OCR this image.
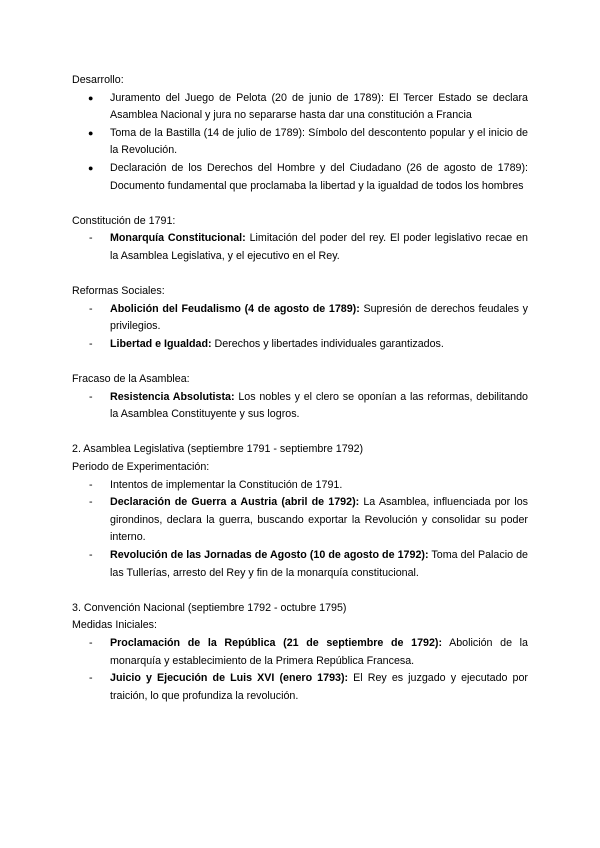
Desarrollo:

●	Juramento del Juego de Pelota (20 de junio de 1789): El Tercer Estado se declara Asamblea Nacional y jura no separarse hasta dar una constitución a Francia
●	Toma de la Bastilla (14 de julio de 1789): Símbolo del descontento popular y el inicio de la Revolución.
●	Declaración de los Derechos del Hombre y del Ciudadano (26 de agosto de 1789): Documento fundamental que proclamaba la libertad y la igualdad de todos los hombres

Constitución de 1791:

-	Monarquía Constitucional: Limitación del poder del rey. El poder legislativo recae en la Asamblea Legislativa, y el ejecutivo en el Rey.

Reformas Sociales:

-	Abolición del Feudalismo (4 de agosto de 1789): Supresión de derechos feudales y privilegios.
-	Libertad e Igualdad: Derechos y libertades individuales garantizados.

Fracaso de la Asamblea:

-	Resistencia Absolutista: Los nobles y el clero se oponían a las reformas, debilitando la Asamblea Constituyente y sus logros.

2. Asamblea Legislativa (septiembre 1791 - septiembre 1792)

Periodo de Experimentación:

-	Intentos de implementar la Constitución de 1791.
-	Declaración de Guerra a Austria (abril de 1792): La Asamblea, influenciada por los girondinos, declara la guerra, buscando exportar la Revolución y consolidar su poder interno.
-	Revolución de las Jornadas de Agosto (10 de agosto de 1792): Toma del Palacio de las Tullerías, arresto del Rey y fin de la monarquía constitucional.

3. Convención Nacional (septiembre 1792 - octubre 1795)

Medidas Iniciales:

-	Proclamación de la República (21 de septiembre de 1792): Abolición de la monarquía y establecimiento de la Primera República Francesa.
-	Juicio y Ejecución de Luis XVI (enero 1793): El Rey es juzgado y ejecutado por traición, lo que profundiza la revolución.
